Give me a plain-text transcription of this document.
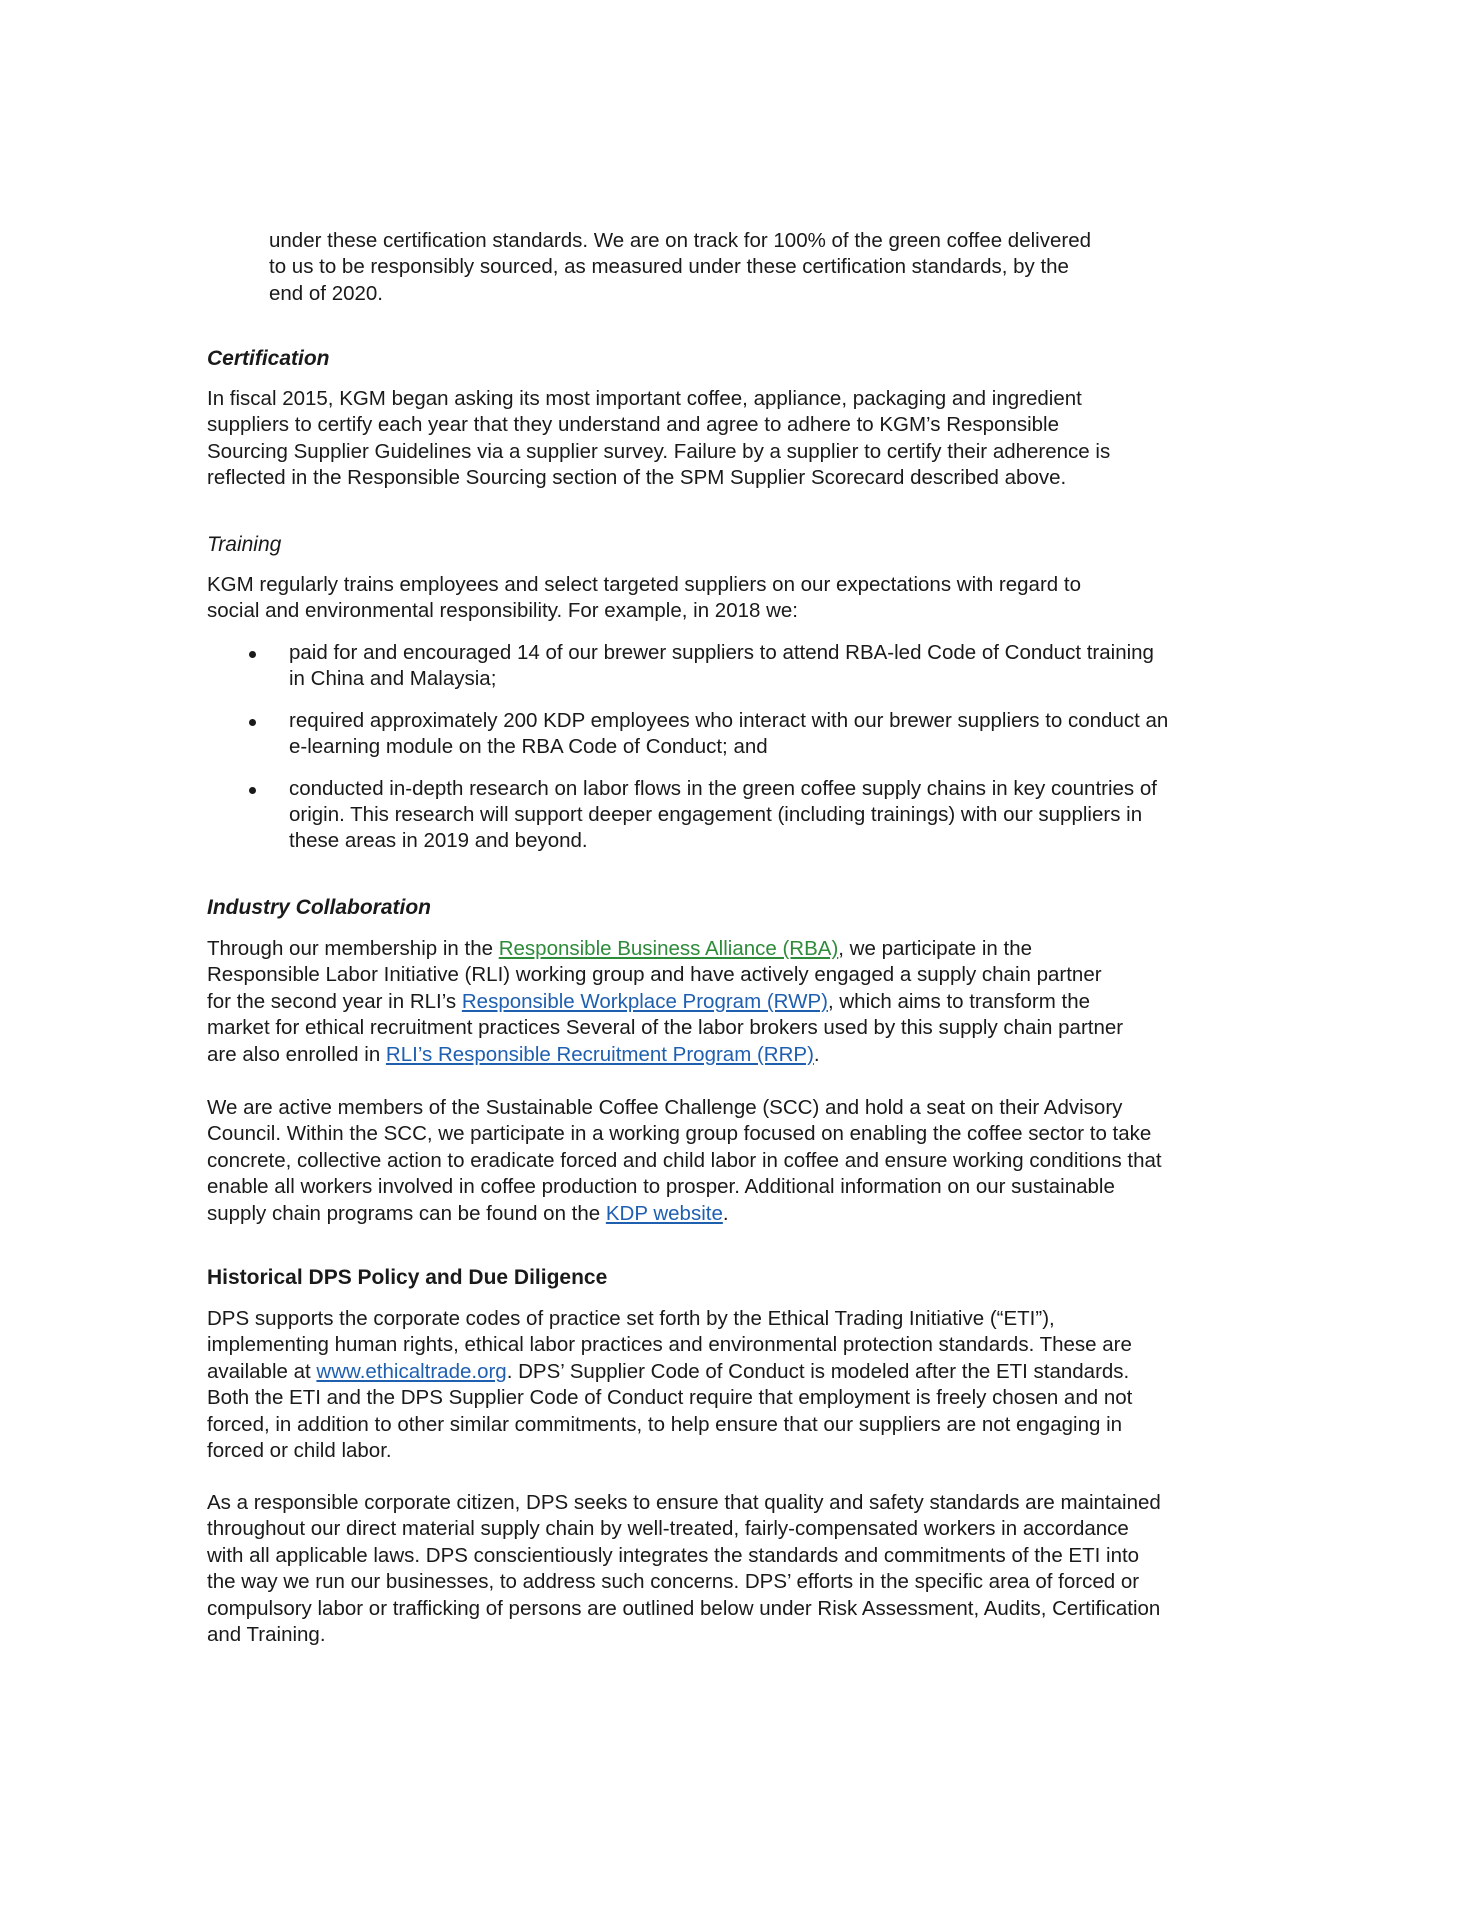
under these certification standards. We are on track for 100% of the green coffee delivered
to us to be responsibly sourced, as measured under these certification standards, by the
end of 2020.

Certification

In fiscal 2015, KGM began asking its most important coffee, appliance, packaging and ingredient
suppliers to certify each year that they understand and agree to adhere to KGM’s Responsible
Sourcing Supplier Guidelines via a supplier survey. Failure by a supplier to certify their adherence is
reflected in the Responsible Sourcing section of the SPM Supplier Scorecard described above.

Training

KGM regularly trains employees and select targeted suppliers on our expectations with regard to
social and environmental responsibility. For example, in 2018 we:

paid for and encouraged 14 of our brewer suppliers to attend RBA-led Code of Conduct training
in China and Malaysia;
required approximately 200 KDP employees who interact with our brewer suppliers to conduct an
e-learning module on the RBA Code of Conduct; and
conducted in-depth research on labor flows in the green coffee supply chains in key countries of
origin. This research will support deeper engagement (including trainings) with our suppliers in
these areas in 2019 and beyond.
Industry Collaboration

Through our membership in the Responsible Business Alliance (RBA), we participate in the
Responsible Labor Initiative (RLI) working group and have actively engaged a supply chain partner
for the second year in RLI’s Responsible Workplace Program (RWP), which aims to transform the
market for ethical recruitment practices Several of the labor brokers used by this supply chain partner
are also enrolled in RLI’s Responsible Recruitment Program (RRP).

We are active members of the Sustainable Coffee Challenge (SCC) and hold a seat on their Advisory
Council. Within the SCC, we participate in a working group focused on enabling the coffee sector to take
concrete, collective action to eradicate forced and child labor in coffee and ensure working conditions that
enable all workers involved in coffee production to prosper. Additional information on our sustainable
supply chain programs can be found on the KDP website.

Historical DPS Policy and Due Diligence

DPS supports the corporate codes of practice set forth by the Ethical Trading Initiative (“ETI”),
implementing human rights, ethical labor practices and environmental protection standards. These are
available at www.ethicaltrade.org. DPS’ Supplier Code of Conduct is modeled after the ETI standards.
Both the ETI and the DPS Supplier Code of Conduct require that employment is freely chosen and not
forced, in addition to other similar commitments, to help ensure that our suppliers are not engaging in
forced or child labor.

As a responsible corporate citizen, DPS seeks to ensure that quality and safety standards are maintained
throughout our direct material supply chain by well-treated, fairly-compensated workers in accordance
with all applicable laws. DPS conscientiously integrates the standards and commitments of the ETI into
the way we run our businesses, to address such concerns. DPS’ efforts in the specific area of forced or
compulsory labor or trafficking of persons are outlined below under Risk Assessment, Audits, Certification
and Training.
